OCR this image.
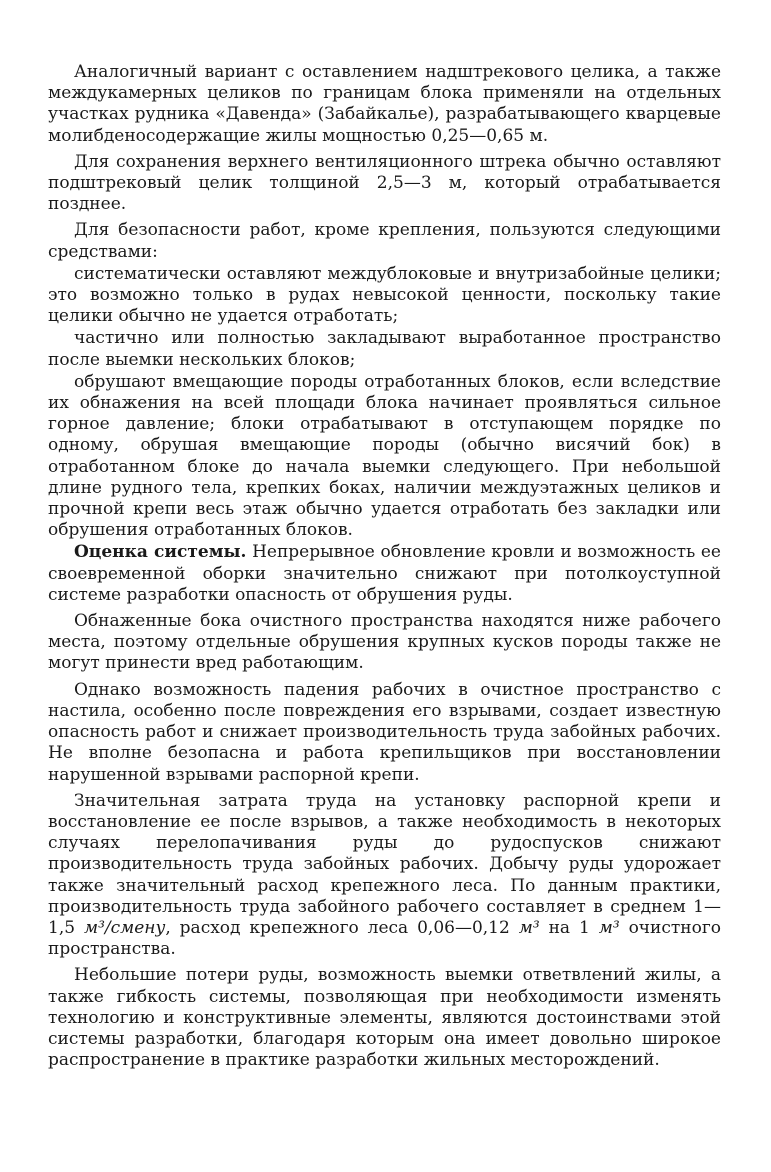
Аналогичный вариант с оставлением надштрекового целика, а также междукамерных целиков по границам блока применяли на отдельных участках рудника «Давенда» (Забайкалье), разрабатывающего кварцевые молибденосодержащие жилы мощностью 0,25—0,65 м.

Для сохранения верхнего вентиляционного штрека обычно оставляют подштрековый целик толщиной 2,5—3 м, который отрабатывается позднее.

Для безопасности работ, кроме крепления, пользуются следующими средствами:

систематически оставляют междублоковые и внутризабойные целики; это возможно только в рудах невысокой ценности, поскольку такие целики обычно не удается отработать;

частично или полностью закладывают выработанное пространство после выемки нескольких блоков;

обрушают вмещающие породы отработанных блоков, если вследствие их обнажения на всей площади блока начинает проявляться сильное горное давление; блоки отрабатывают в отступающем порядке по одному, обрушая вмещающие породы (обычно висячий бок) в отработанном блоке до начала выемки следующего. При небольшой длине рудного тела, крепких боках, наличии междуэтажных целиков и прочной крепи весь этаж обычно удается отработать без закладки или обрушения отработанных блоков.

Оценка системы. Непрерывное обновление кровли и возможность ее своевременной оборки значительно снижают при потолкоуступной системе разработки опасность от обрушения руды.

Обнаженные бока очистного пространства находятся ниже рабочего места, поэтому отдельные обрушения крупных кусков породы также не могут принести вред работающим.

Однако возможность падения рабочих в очистное пространство с настила, особенно после повреждения его взрывами, создает известную опасность работ и снижает производительность труда забойных рабочих. Не вполне безопасна и работа крепильщиков при восстановлении нарушенной взрывами распорной крепи.

Значительная затрата труда на установку распорной крепи и восстановление ее после взрывов, а также необходимость в некоторых случаях перелопачивания руды до рудоспусков снижают производительность труда забойных рабочих. Добычу руды удорожает также значительный расход крепежного леса. По данным практики, производительность труда забойного рабочего составляет в среднем 1—1,5 м³/смену, расход крепежного леса 0,06—0,12 м³ на 1 м³ очистного пространства.

Небольшие потери руды, возможность выемки ответвлений жилы, а также гибкость системы, позволяющая при необходимости изменять технологию и конструктивные элементы, являются достоинствами этой системы разработки, благодаря которым она имеет довольно широкое распространение в практике разработки жильных месторождений.
